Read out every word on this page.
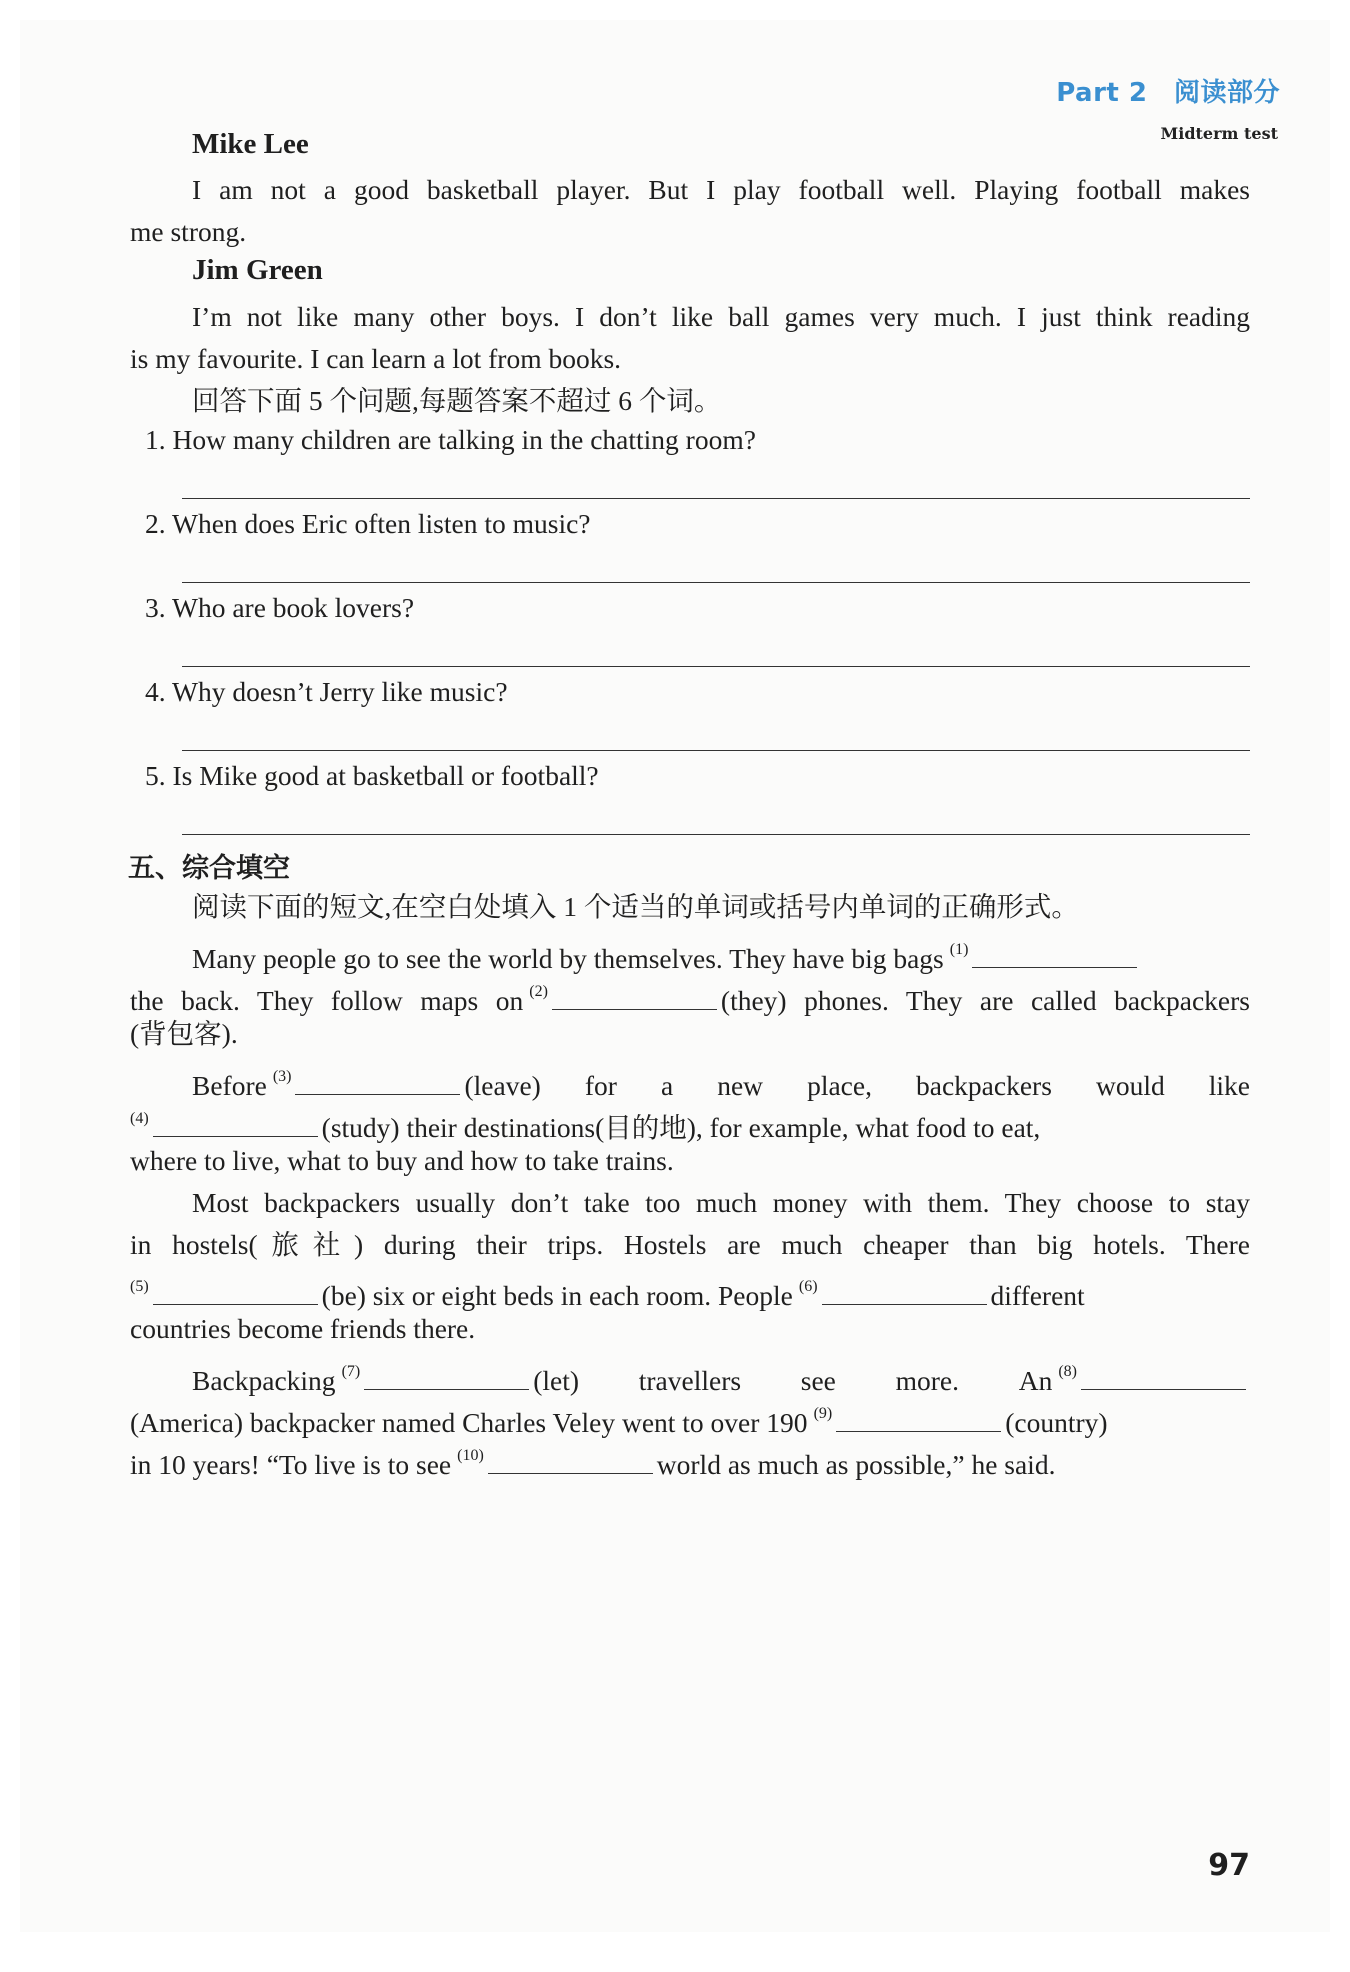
Part 2　阅读部分
Midterm test
Mike Lee
I am not a good basketball player. But I play football well. Playing football makes
me strong.
Jim Green
I’m not like many other boys. I don’t like ball games very much. I just think reading
is my favourite. I can learn a lot from books.
回答下面 5 个问题,每题答案不超过 6 个词。
1. How many children are talking in the chatting room?
2. When does Eric often listen to music?
3. Who are book lovers?
4. Why doesn’t Jerry like music?
5. Is Mike good at basketball or football?
五、综合填空
阅读下面的短文,在空白处填入 1 个适当的单词或括号内单词的正确形式。
Many people go to see the world by themselves. They have big bags $^{(1)}$
the back. They follow maps on $^{(2)}$	(they) phones. They are called backpackers
(背包客).
Before $^{(3)}$	(leave)　for　a　new　place,　backpackers　would　like
$^{(4)}$	(study) their destinations(目的地), for example, what food to eat,
where to live, what to buy and how to take trains.
Most backpackers usually don’t take too much money with them. They choose to stay
in hostels(旅社) during their trips. Hostels are much cheaper than big hotels. There
$^{(5)}$	(be) six or eight beds in each room. People $^{(6)}$	different
countries become friends there.
Backpacking $^{(7)}$	(let)　travellers　see　more.　An $^{(8)}$
(America) backpacker named Charles Veley went to over 190 $^{(9)}$	(country)
in 10 years! “To live is to see $^{(10)}$	world as much as possible,” he said.
97
